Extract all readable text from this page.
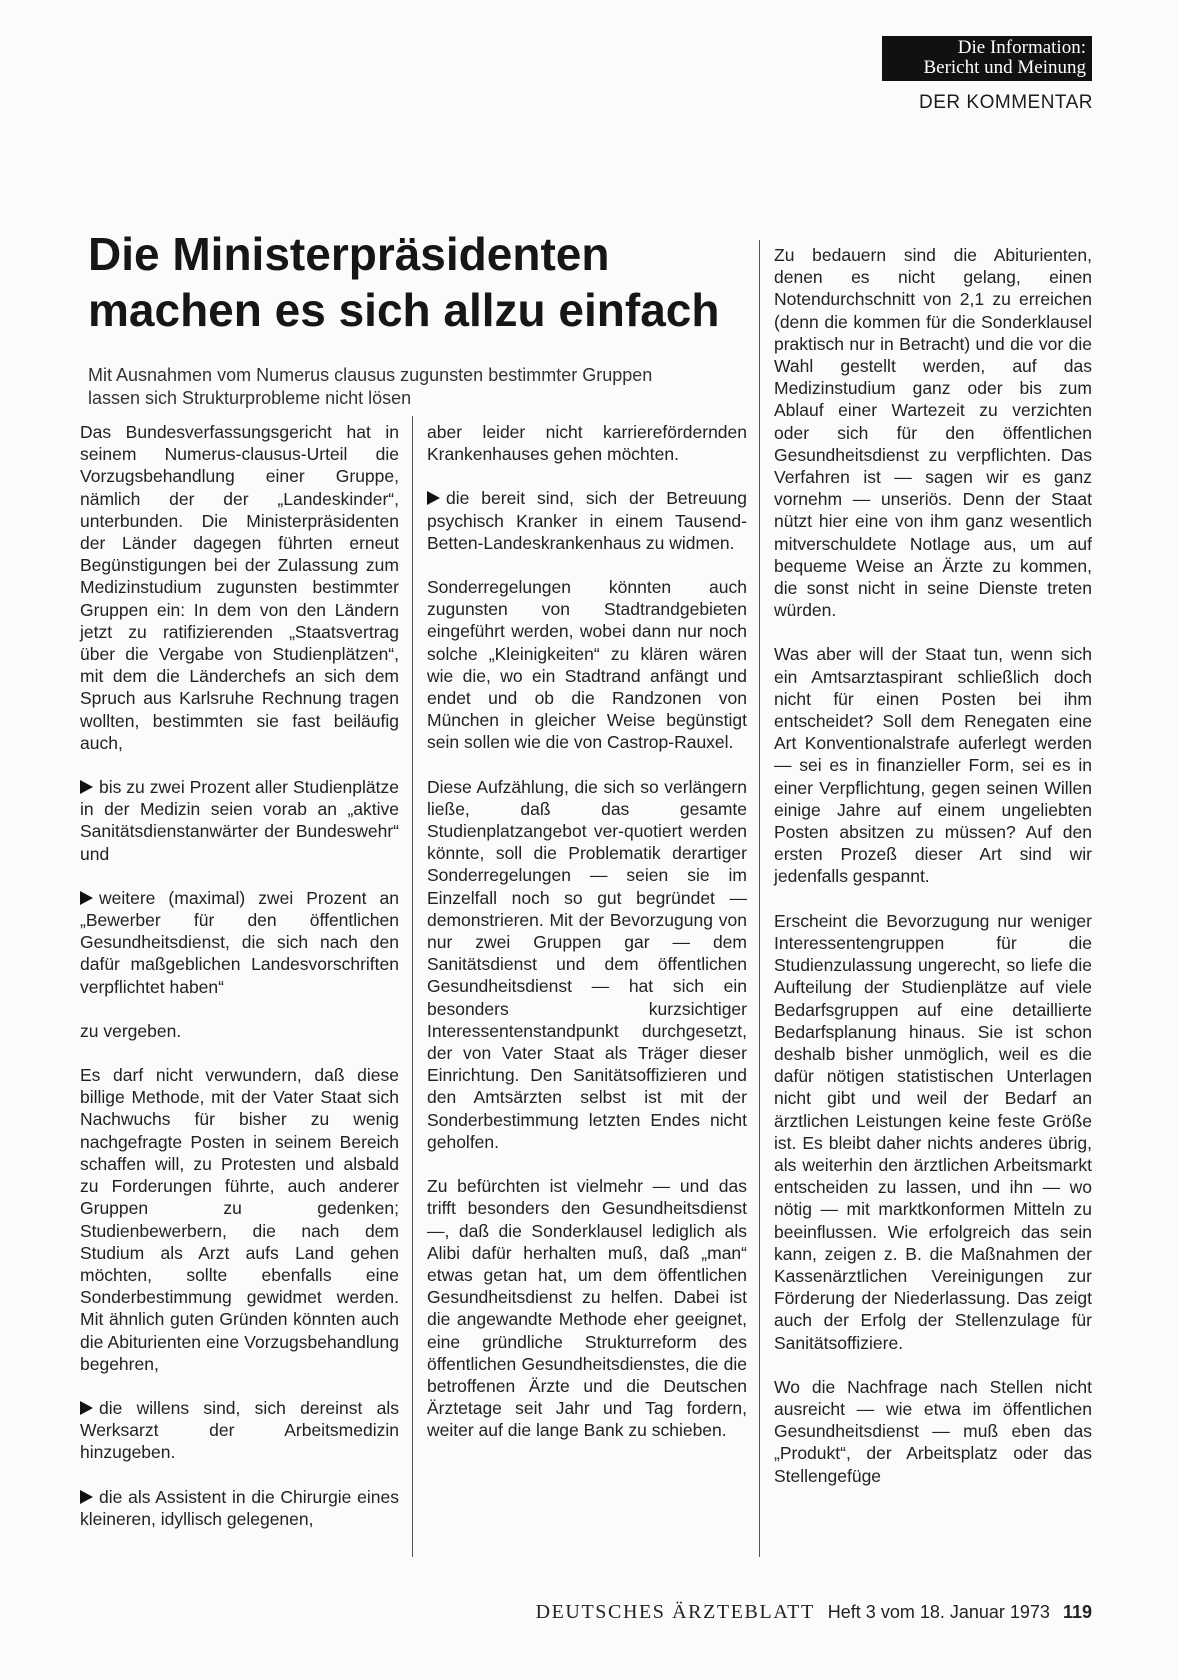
Die Information:
Bericht und Meinung
DER KOMMENTAR
Die Ministerpräsidenten
machen es sich allzu einfach
Mit Ausnahmen vom Numerus clausus zugunsten bestimmter Gruppen
lassen sich Strukturprobleme nicht lösen

Das Bundesverfassungsgericht hat in seinem Numerus-clausus-Urteil die Vorzugsbehandlung einer Gruppe, nämlich der der „Landeskinder“, unterbunden. Die Ministerpräsidenten der Länder dagegen führten erneut Begünstigungen bei der Zulassung zum Medizinstudium zugunsten bestimmter Gruppen ein: In dem von den Ländern jetzt zu ratifizierenden „Staatsvertrag über die Vergabe von Studienplätzen“, mit dem die Länderchefs an sich dem Spruch aus Karlsruhe Rechnung tragen wollten, bestimmten sie fast beiläufig auch,

bis zu zwei Prozent aller Studienplätze in der Medizin seien vorab an „aktive Sanitätsdienstanwärter der Bundeswehr“ und

weitere (maximal) zwei Prozent an „Bewerber für den öffentlichen Gesundheitsdienst, die sich nach den dafür maßgeblichen Landesvorschriften verpflichtet haben“

zu vergeben.

Es darf nicht verwundern, daß diese billige Methode, mit der Vater Staat sich Nachwuchs für bisher zu wenig nachgefragte Posten in seinem Bereich schaffen will, zu Protesten und alsbald zu Forderungen führte, auch anderer Gruppen zu gedenken; Studienbewerbern, die nach dem Studium als Arzt aufs Land gehen möchten, sollte ebenfalls eine Sonderbestimmung gewidmet werden. Mit ähnlich guten Gründen könnten auch die Abiturienten eine Vorzugsbehandlung begehren,

die willens sind, sich dereinst als Werksarzt der Arbeitsmedizin hinzugeben.

die als Assistent in die Chirurgie eines kleineren, idyllisch gelegenen,

aber leider nicht karrierefördernden Krankenhauses gehen möchten.

die bereit sind, sich der Betreuung psychisch Kranker in einem Tausend-Betten-Landeskrankenhaus zu widmen.

Sonderregelungen könnten auch zugunsten von Stadtrandgebieten eingeführt werden, wobei dann nur noch solche „Kleinigkeiten“ zu klären wären wie die, wo ein Stadtrand anfängt und endet und ob die Randzonen von München in gleicher Weise begünstigt sein sollen wie die von Castrop-Rauxel.

Diese Aufzählung, die sich so verlängern ließe, daß das gesamte Studienplatzangebot ver-quotiert werden könnte, soll die Problematik derartiger Sonderregelungen — seien sie im Einzelfall noch so gut begründet — demonstrieren. Mit der Bevorzugung von nur zwei Gruppen gar — dem Sanitätsdienst und dem öffentlichen Gesundheitsdienst — hat sich ein besonders kurzsichtiger Interessentenstandpunkt durchgesetzt, der von Vater Staat als Träger dieser Einrichtung. Den Sanitätsoffizieren und den Amtsärzten selbst ist mit der Sonderbestimmung letzten Endes nicht geholfen.

Zu befürchten ist vielmehr — und das trifft besonders den Gesundheitsdienst —, daß die Sonderklausel lediglich als Alibi dafür herhalten muß, daß „man“ etwas getan hat, um dem öffentlichen Gesundheitsdienst zu helfen. Dabei ist die angewandte Methode eher geeignet, eine gründliche Strukturreform des öffentlichen Gesundheitsdienstes, die die betroffenen Ärzte und die Deutschen Ärztetage seit Jahr und Tag fordern, weiter auf die lange Bank zu schieben.

Zu bedauern sind die Abiturienten, denen es nicht gelang, einen Notendurchschnitt von 2,1 zu erreichen (denn die kommen für die Sonderklausel praktisch nur in Betracht) und die vor die Wahl gestellt werden, auf das Medizinstudium ganz oder bis zum Ablauf einer Wartezeit zu verzichten oder sich für den öffentlichen Gesundheitsdienst zu verpflichten. Das Verfahren ist — sagen wir es ganz vornehm — unseriös. Denn der Staat nützt hier eine von ihm ganz wesentlich mitverschuldete Notlage aus, um auf bequeme Weise an Ärzte zu kommen, die sonst nicht in seine Dienste treten würden.

Was aber will der Staat tun, wenn sich ein Amtsarztaspirant schließlich doch nicht für einen Posten bei ihm entscheidet? Soll dem Renegaten eine Art Konventionalstrafe auferlegt werden — sei es in finanzieller Form, sei es in einer Verpflichtung, gegen seinen Willen einige Jahre auf einem ungeliebten Posten absitzen zu müssen? Auf den ersten Prozeß dieser Art sind wir jedenfalls gespannt.

Erscheint die Bevorzugung nur weniger Interessentengruppen für die Studienzulassung ungerecht, so liefe die Aufteilung der Studienplätze auf viele Bedarfsgruppen auf eine detaillierte Bedarfsplanung hinaus. Sie ist schon deshalb bisher unmöglich, weil es die dafür nötigen statistischen Unterlagen nicht gibt und weil der Bedarf an ärztlichen Leistungen keine feste Größe ist. Es bleibt daher nichts anderes übrig, als weiterhin den ärztlichen Arbeitsmarkt entscheiden zu lassen, und ihn — wo nötig — mit marktkonformen Mitteln zu beeinflussen. Wie erfolgreich das sein kann, zeigen z. B. die Maßnahmen der Kassenärztlichen Vereinigungen zur Förderung der Niederlassung. Das zeigt auch der Erfolg der Stellenzulage für Sanitätsoffiziere.

Wo die Nachfrage nach Stellen nicht ausreicht — wie etwa im öffentlichen Gesundheitsdienst — muß eben das „Produkt“, der Arbeitsplatz oder das Stellengefüge

DEUTSCHES ÄRZTEBLATT Heft 3 vom 18. Januar 1973 119
